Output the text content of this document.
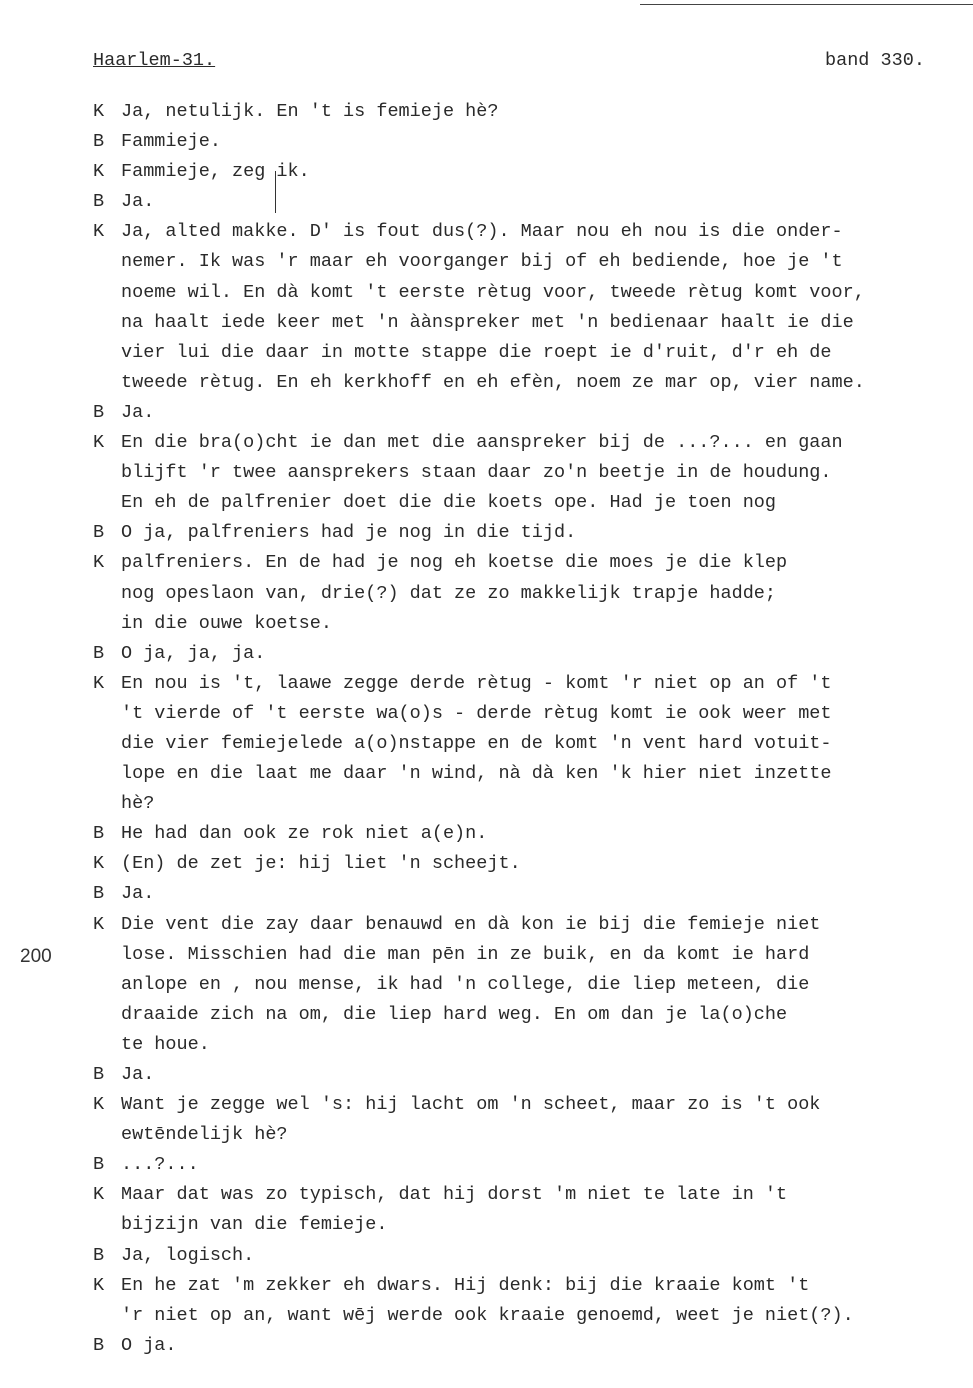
Haarlem-31.	band 330.
200
K Ja, netulijk. En 't is femieje hè?
B Fammieje.
K Fammieje, zeg ik.
B Ja.
K Ja, alted makke. D' is fout dus(?). Maar nou eh nou is die onder-
nemer. Ik was 'r maar eh voorganger bij of eh bediende, hoe je 't
noeme wil. En dà komt 't eerste rètug voor, tweede rètug komt voor,
na haalt iede keer met 'n àànspreker met 'n bedienaar haalt ie die
vier lui die daar in motte stappe die roept ie d'ruit, d'r eh de
tweede rètug. En eh kerkhoff en eh efèn, noem ze mar op, vier name.
B Ja.
K En die bra(o)cht ie dan met die aanspreker bij de ...?... en gaan
blijft 'r twee aansprekers staan daar zo'n beetje in de houdung.
En eh de palfrenier doet die die koets ope. Had je toen nog
B O ja, palfreniers had je nog in die tijd.
K palfreniers. En de had je nog eh koetse die moes je die klep
nog opeslaon van, drie(?) dat ze zo makkelijk trapje hadde;
in die ouwe koetse.
B O ja, ja, ja.
K En nou is 't, laawe zegge derde rètug - komt 'r niet op an of 't
't vierde of 't eerste wa(o)s - derde rètug komt ie ook weer met
die vier femiejelede a(o)nstappe en de komt 'n vent hard votuit-
lope en die laat me daar 'n wind, nà dà ken 'k hier niet inzette
hè?
B He had dan ook ze rok niet a(e)n.
K (En) de zet je: hij liet 'n scheejt.
B Ja.
K Die vent die zay daar benauwd en dà kon ie bij die femieje niet
lose. Misschien had die man pēn in ze buik, en da komt ie hard
anlope en , nou mense, ik had 'n college, die liep meteen, die
draaide zich na om, die liep hard weg. En om dan je la(o)che
te houe.
B Ja.
K Want je zegge wel 's: hij lacht om 'n scheet, maar zo is 't ook
ewtēndelijk hè?
B ...?...
K Maar dat was zo typisch, dat hij dorst 'm niet te late in 't
bijzijn van die femieje.
B Ja, logisch.
K En he zat 'm zekker eh dwars. Hij denk: bij die kraaie komt 't
'r niet op an, want wēj werde ook kraaie genoemd, weet je niet(?).
B O ja.
